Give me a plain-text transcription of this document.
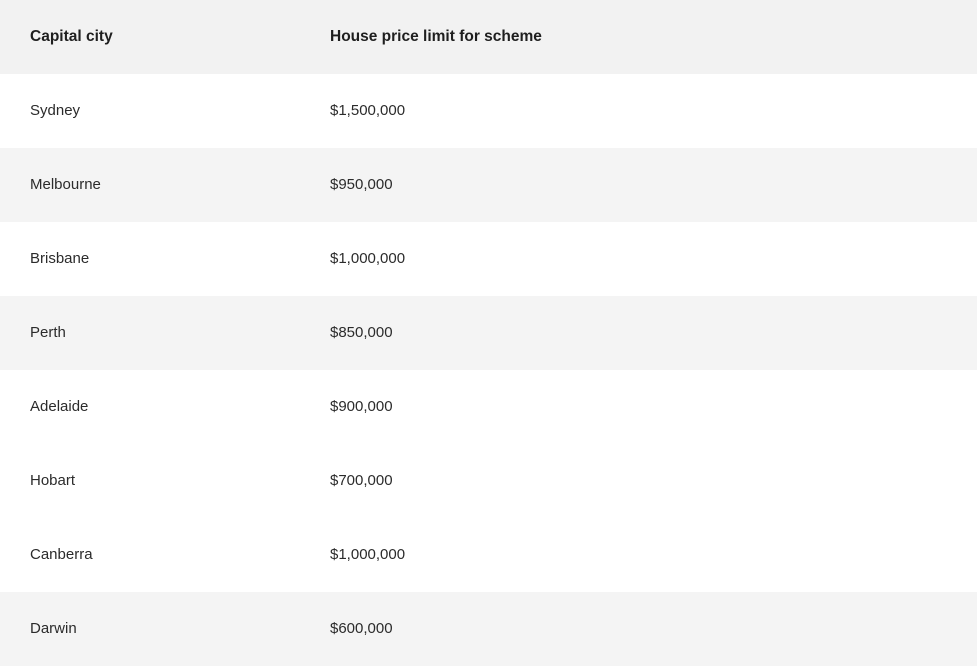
Capital city	House price limit for scheme
Sydney	$1,500,000
Melbourne	$950,000
Brisbane	$1,000,000
Perth	$850,000
Adelaide	$900,000
Hobart	$700,000
Canberra	$1,000,000
Darwin	$600,000
